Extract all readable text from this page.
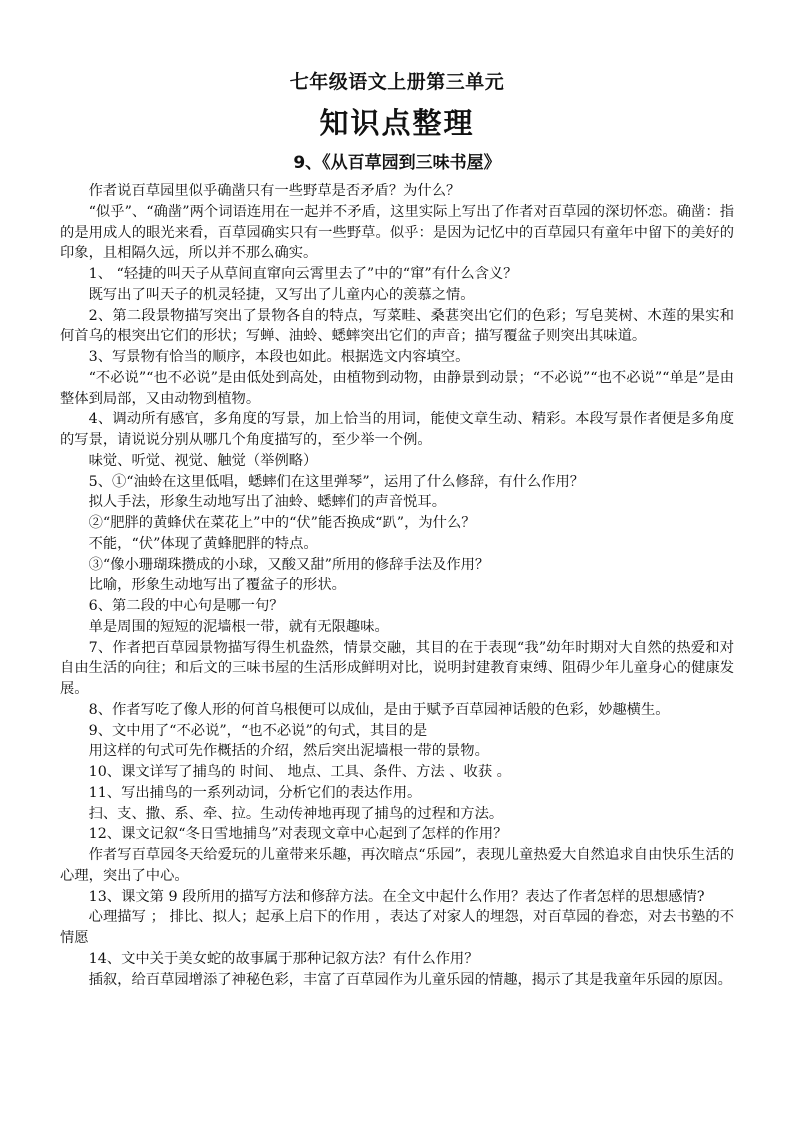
七年级语文上册第三单元
知识点整理
9、《从百草园到三味书屋》

作者说百草园里似乎确凿只有一些野草是否矛盾？为什么？

“似乎”、“确凿”两个词语连用在一起并不矛盾，这里实际上写出了作者对百草园的深切怀恋。确凿：指的是用成人的眼光来看，百草园确实只有一些野草。似乎：是因为记忆中的百草园只有童年中留下的美好的印象，且相隔久远，所以并不那么确实。

1、 “轻捷的叫天子从草间直窜向云霄里去了”中的“窜”有什么含义？

既写出了叫天子的机灵轻捷，又写出了儿童内心的羡慕之情。

2、第二段景物描写突出了景物各自的特点，写菜畦、桑葚突出它们的色彩；写皂荚树、木莲的果实和何首乌的根突出它们的形状；写蝉、油蛉、蟋蟀突出它们的声音；描写覆盆子则突出其味道。

3、写景物有恰当的顺序，本段也如此。根据选文内容填空。

“不必说”“也不必说”是由低处到高处，由植物到动物，由静景到动景；“不必说”“也不必说”“单是”是由整体到局部，又由动物到植物。

4、调动所有感官，多角度的写景，加上恰当的用词，能使文章生动、精彩。本段写景作者便是多角度的写景，请说说分别从哪几个角度描写的，至少举一个例。

味觉、听觉、视觉、触觉（举例略）

5、①“油蛉在这里低唱，蟋蟀们在这里弹琴”，运用了什么修辞，有什么作用？

拟人手法，形象生动地写出了油蛉、蟋蟀们的声音悦耳。

②“肥胖的黄蜂伏在菜花上”中的“伏”能否换成“趴”，为什么？

不能，“伏”体现了黄蜂肥胖的特点。

③“像小珊瑚珠攒成的小球，又酸又甜”所用的修辞手法及作用？

比喻，形象生动地写出了覆盆子的形状。

6、第二段的中心句是哪一句？

单是周围的短短的泥墙根一带，就有无限趣味。

7、作者把百草园景物描写得生机盎然，情景交融，其目的在于表现“我”幼年时期对大自然的热爱和对自由生活的向往；和后文的三味书屋的生活形成鲜明对比，说明封建教育束缚、阻碍少年儿童身心的健康发展。

8、作者写吃了像人形的何首乌根便可以成仙，是由于赋予百草园神话般的色彩，妙趣横生。

9、文中用了“不必说”，“也不必说”的句式，其目的是

用这样的句式可先作概括的介绍，然后突出泥墙根一带的景物。

10、课文详写了捕鸟的 时间、 地点、工具、条件、方法 、收获 。

11、写出捕鸟的一系列动词，分析它们的表达作用。

扫、支、撒、系、牵、拉。生动传神地再现了捕鸟的过程和方法。

12、课文记叙“冬日雪地捕鸟”对表现文章中心起到了怎样的作用？

作者写百草园冬天给爱玩的儿童带来乐趣，再次暗点“乐园”，表现儿童热爱大自然追求自由快乐生活的心理，突出了中心。

13、课文第 9 段所用的描写方法和修辞方法。在全文中起什么作用？表达了作者怎样的思想感情?

心理描写 ； 排比、拟人；起承上启下的作用 ，表达了对家人的埋怨，对百草园的眷恋，对去书塾的不情愿

14、文中关于美女蛇的故事属于那种记叙方法？有什么作用？

插叙，给百草园增添了神秘色彩，丰富了百草园作为儿童乐园的情趣，揭示了其是我童年乐园的原因。
